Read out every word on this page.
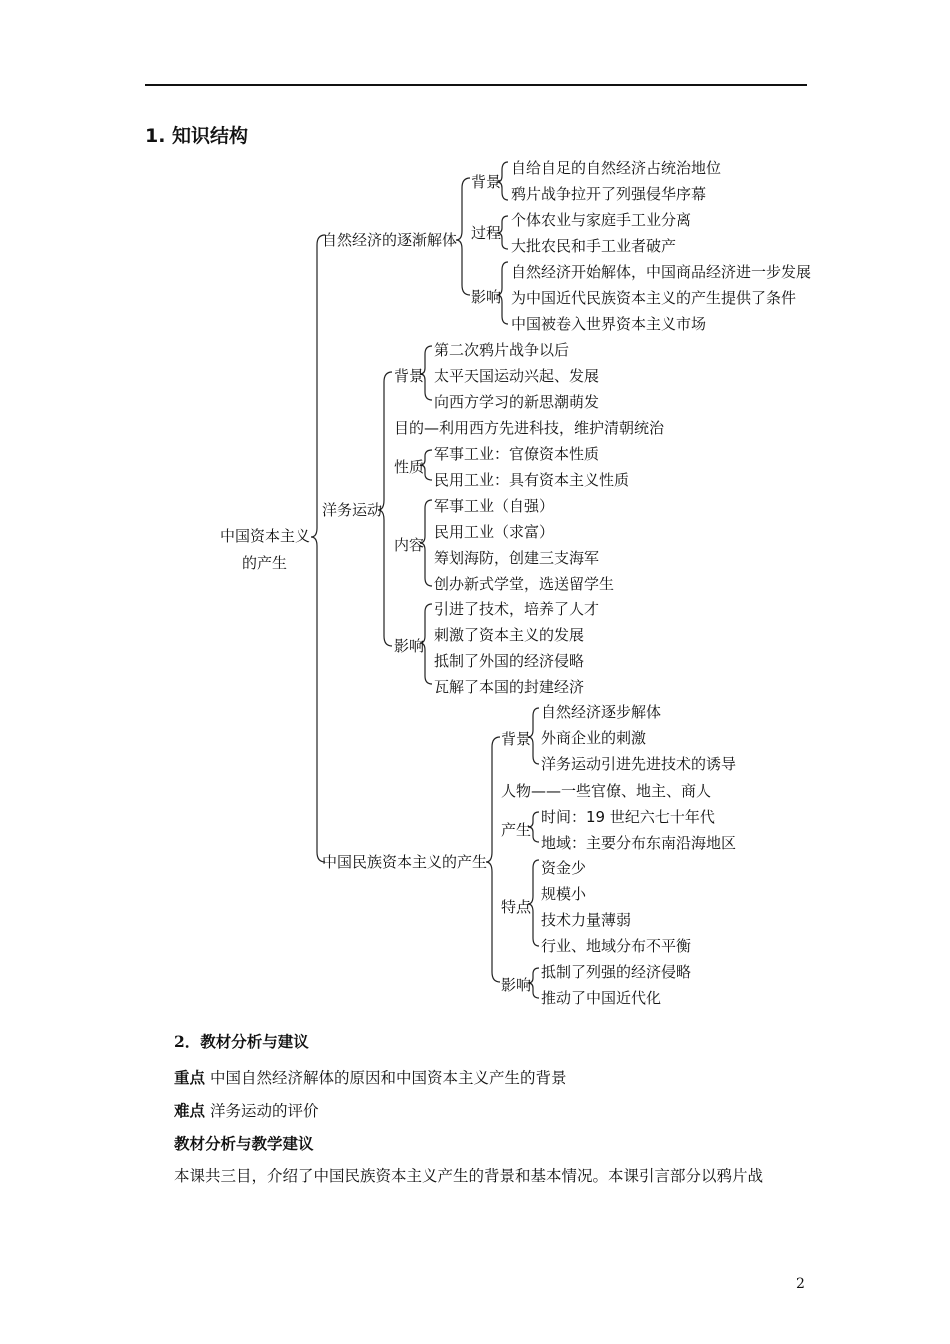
1. 知识结构
中国资本主义
的产生
自然经济的逐渐解体
背景
自给自足的自然经济占统治地位
鸦片战争拉开了列强侵华序幕
过程
个体农业与家庭手工业分离
大批农民和手工业者破产
影响
自然经济开始解体，中国商品经济进一步发展
为中国近代民族资本主义的产生提供了条件
中国被卷入世界资本主义市场
洋务运动
背景
第二次鸦片战争以后
太平天国运动兴起、发展
向西方学习的新思潮萌发
目的—利用西方先进科技，维护清朝统治
性质
军事工业：官僚资本性质
民用工业：具有资本主义性质
内容
军事工业（自强）
民用工业（求富）
筹划海防，创建三支海军
创办新式学堂，选送留学生
影响
引进了技术，培养了人才
刺激了资本主义的发展
抵制了外国的经济侵略
瓦解了本国的封建经济
中国民族资本主义的产生
背景
自然经济逐步解体
外商企业的刺激
洋务运动引进先进技术的诱导
人物——一些官僚、地主、商人
产生
时间：19 世纪六七十年代
地域：主要分布东南沿海地区
特点
资金少
规模小
技术力量薄弱
行业、地域分布不平衡
影响
抵制了列强的经济侵略
推动了中国近代化
2．教材分析与建议
重点 中国自然经济解体的原因和中国资本主义产生的背景
难点 洋务运动的评价
教材分析与教学建议
本课共三目，介绍了中国民族资本主义产生的背景和基本情况。本课引言部分以鸦片战
2
